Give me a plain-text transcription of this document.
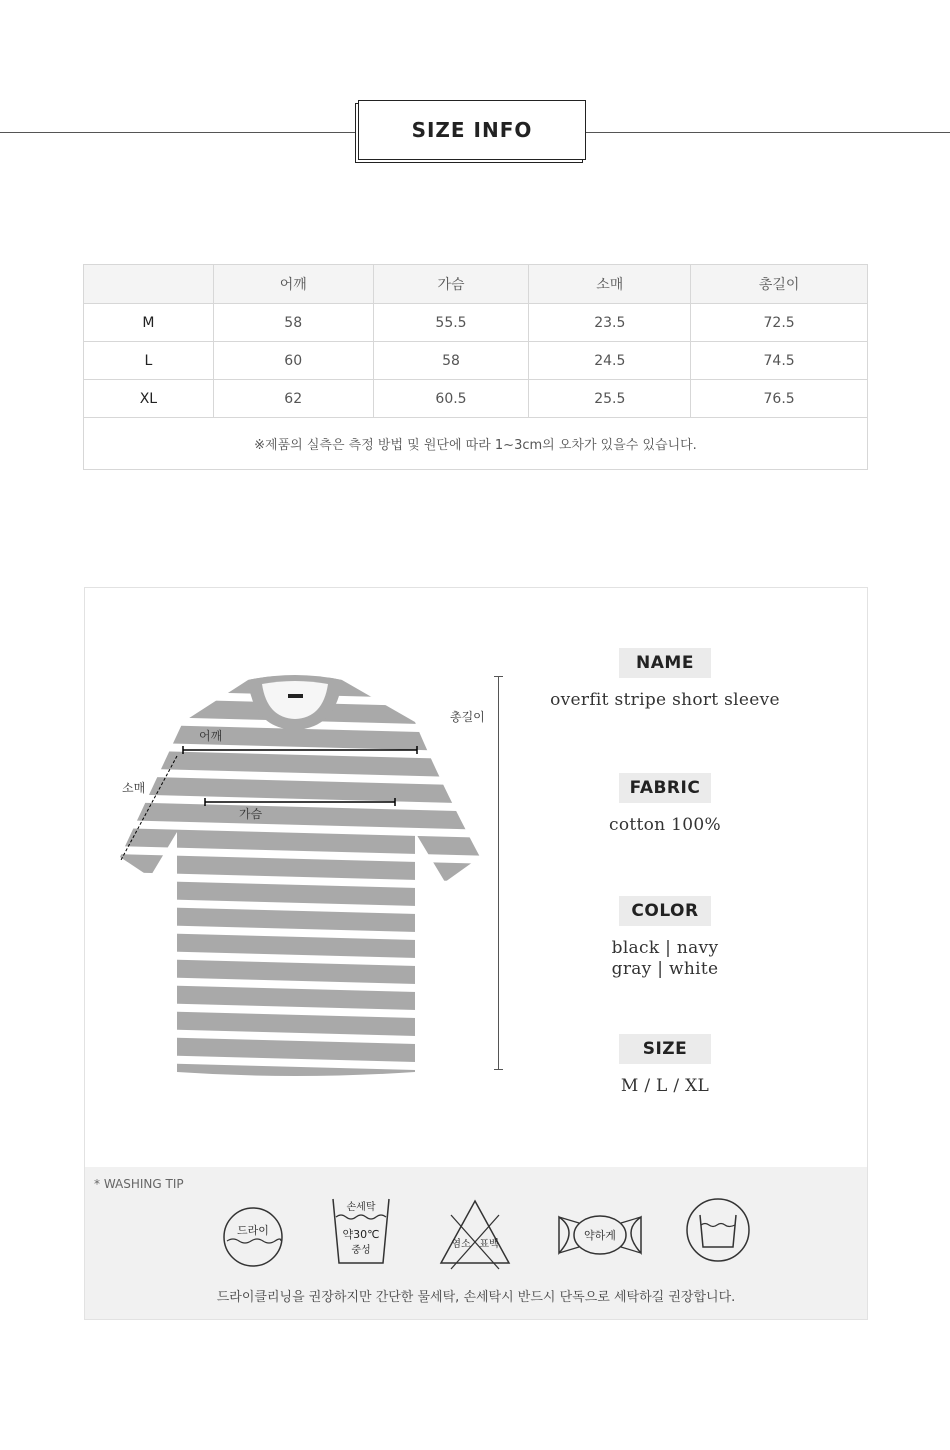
SIZE INFO
	어깨	가슴	소매	총길이
M	58	55.5	23.5	72.5
L	60	58	24.5	74.5
XL	62	60.5	25.5	76.5
※제품의 실측은 측정 방법 및 원단에 따라 1~3cm의 오차가 있을수 있습니다.				
어깨
가슴
소매
총길이
NAME
overfit stripe short sleeve
FABRIC
cotton 100%
COLOR
black | navy
gray | white
SIZE
M / L / XL
* WASHING TIP
드라이
손세탁
약30℃
중성
염소 표백
약하게
드라이클리닝을 권장하지만 간단한 물세탁, 손세탁시 반드시 단독으로 세탁하길 권장합니다.
